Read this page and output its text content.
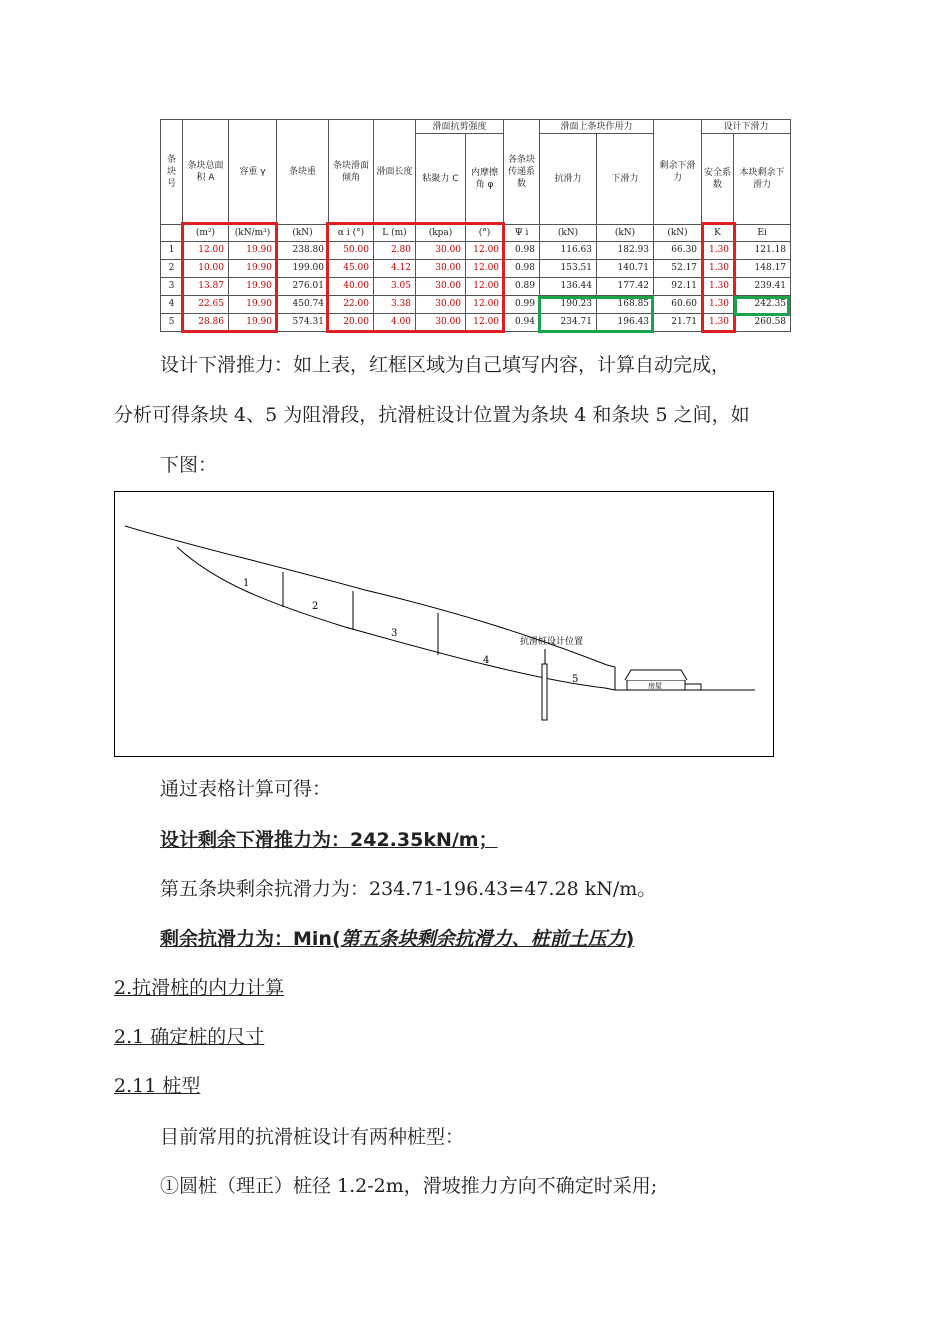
条块号	条块总面积 A	容重 γ	条块重	条块滑面倾角	滑面长度	滑面抗剪强度		各条块传递系数	滑面上条块作用力		剩余下滑力	设计下滑力	
						粘聚力 C	内摩擦角 φ		抗滑力	下滑力		安全系数	本块剩余下滑力
	(m²)	(kN/m³)	(kN)	α i (°)	L (m)	(kpa)	(°)	Ψ i	(kN)	(kN)	(kN)	K	Ei
1	12.00	19.90	238.80	50.00	2.80	30.00	12.00	0.98	116.63	182.93	66.30	1.30	121.18
2	10.00	19.90	199.00	45.00	4.12	30.00	12.00	0.98	153.51	140.71	52.17	1.30	148.17
3	13.87	19.90	276.01	40.00	3.05	30.00	12.00	0.89	136.44	177.42	92.11	1.30	239.41
4	22.65	19.90	450.74	22.00	3.38	30.00	12.00	0.99	190.23	168.85	60.60	1.30	242.35
5	28.86	19.90	574.31	20.00	4.00	30.00	12.00	0.94	234.71	196.43	21.71	1.30	260.58
设计下滑推力：如上表，红框区域为自己填写内容，计算自动完成，
分析可得条块 4、5 为阻滑段，抗滑桩设计位置为条块 4 和条块 5 之间，如
下图：
1
2
3
4
5
抗滑桩设计位置
房屋
通过表格计算可得：
设计剩余下滑推力为：242.35kN/m；
第五条块剩余抗滑力为：234.71-196.43=47.28 kN/m。
剩余抗滑力为：Min(第五条块剩余抗滑力、桩前土压力)
2.抗滑桩的内力计算
2.1 确定桩的尺寸
2.11 桩型
目前常用的抗滑桩设计有两种桩型：
①圆桩（理正）桩径 1.2-2m，滑坡推力方向不确定时采用;
